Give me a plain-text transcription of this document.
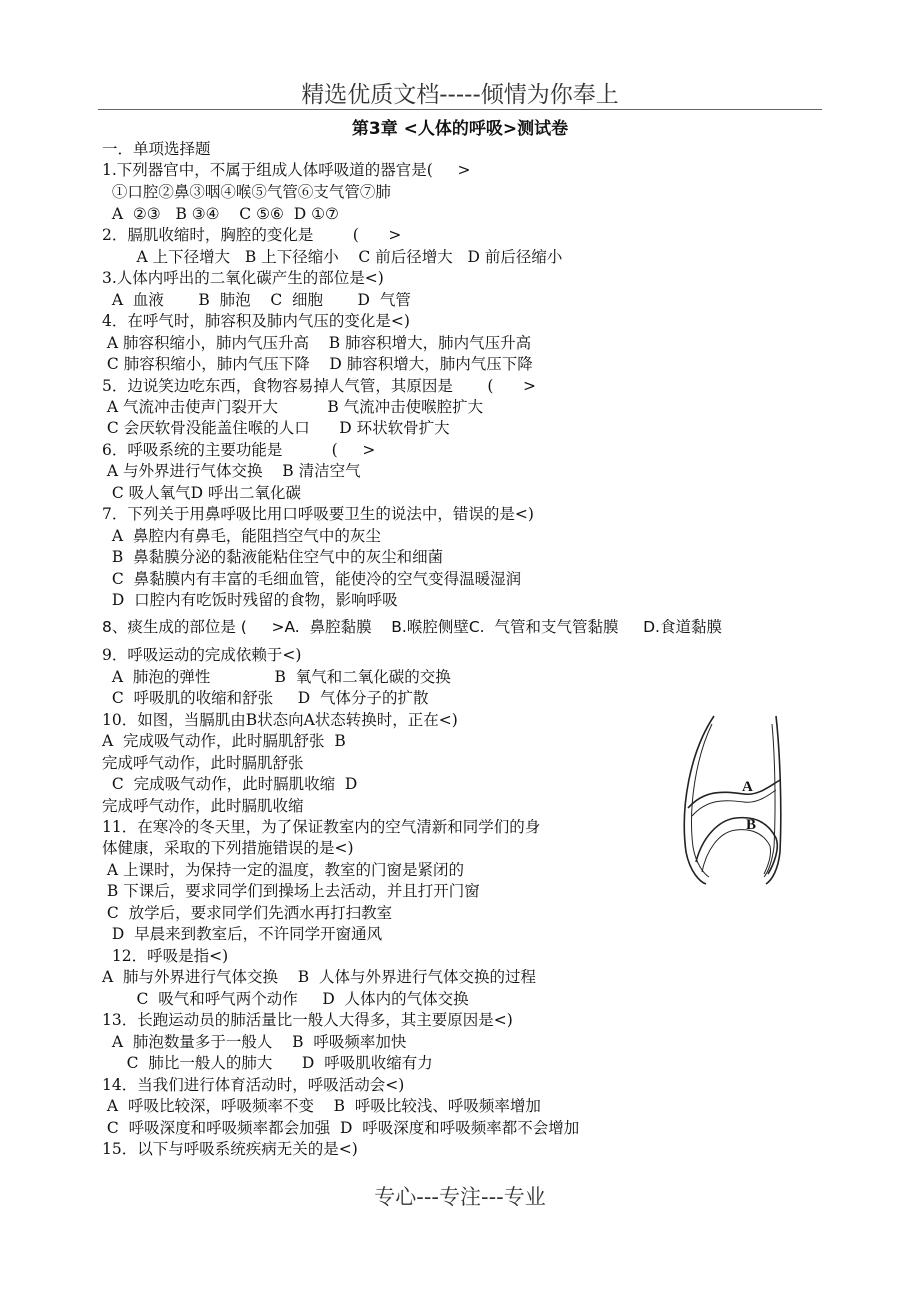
精选优质文档-----倾情为你奉上
第3章 <人体的呼吸>测试卷
一．单项选择题
1.下列器官中，不属于组成人体呼吸道的器官是(     >
①口腔②鼻③咽④喉⑤气管⑥支气管⑦肺
A  ②③   B ③④    C ⑤⑥  D ①⑦
2．膈肌收缩时，胸腔的变化是        (      >
A 上下径增大   B 上下径缩小    C 前后径增大   D 前后径缩小
3.人体内呼出的二氧化碳产生的部位是<)
A  血液       B  肺泡    C  细胞       D  气管
4．在呼气时，肺容积及肺内气压的变化是<)
A 肺容积缩小，肺内气压升高    B 肺容积增大，肺内气压升高
C 肺容积缩小，肺内气压下降    D 肺容积增大，肺内气压下降
5．边说笑边吃东西，食物容易掉人气管，其原因是       (      >
A 气流冲击使声门裂开大          B 气流冲击使喉腔扩大
C 会厌软骨没能盖住喉的人口      D 环状软骨扩大
6．呼吸系统的主要功能是          (     >
A 与外界进行气体交换    B 清洁空气
C 吸人氧气D 呼出二氧化碳
7．下列关于用鼻呼吸比用口呼吸要卫生的说法中，错误的是<)
A  鼻腔内有鼻毛，能阻挡空气中的灰尘
B  鼻黏膜分泌的黏液能粘住空气中的灰尘和细菌
C  鼻黏膜内有丰富的毛细血管，能使冷的空气变得温暖湿润
D  口腔内有吃饭时残留的食物，影响呼吸
8、痰生成的部位是 (     >A.  鼻腔黏膜    B.喉腔侧壁C.  气管和支气管黏膜     D.食道黏膜
9．呼吸运动的完成依赖于<)
A  肺泡的弹性             B  氧气和二氧化碳的交换
C  呼吸肌的收缩和舒张     D  气体分子的扩散
10．如图，当膈肌由B状态向A状态转换时，正在<)
A  完成吸气动作，此时膈肌舒张  B
完成呼气动作，此时膈肌舒张
C  完成吸气动作，此时膈肌收缩  D
完成呼气动作，此时膈肌收缩
11．在寒冷的冬天里，为了保证教室内的空气清新和同学们的身
体健康，采取的下列措施错误的是<)
A 上课时，为保持一定的温度，教室的门窗是紧闭的
B 下课后，要求同学们到操场上去活动，并且打开门窗
C  放学后，要求同学们先洒水再打扫教室
D  早晨来到教室后，不许同学开窗通风
12．呼吸是指<)
A  肺与外界进行气体交换    B  人体与外界进行气体交换的过程
C  吸气和呼气两个动作     D  人体内的气体交换
13．长跑运动员的肺活量比一般人大得多，其主要原因是<)
A  肺泡数量多于一般人    B  呼吸频率加快
C  肺比一般人的肺大      D  呼吸肌收缩有力
14．当我们进行体育活动时，呼吸活动会<)
A  呼吸比较深，呼吸频率不变    B  呼吸比较浅、呼吸频率增加
C  呼吸深度和呼吸频率都会加强  D  呼吸深度和呼吸频率都不会增加
15．以下与呼吸系统疾病无关的是<)
A
B
专心---专注---专业
